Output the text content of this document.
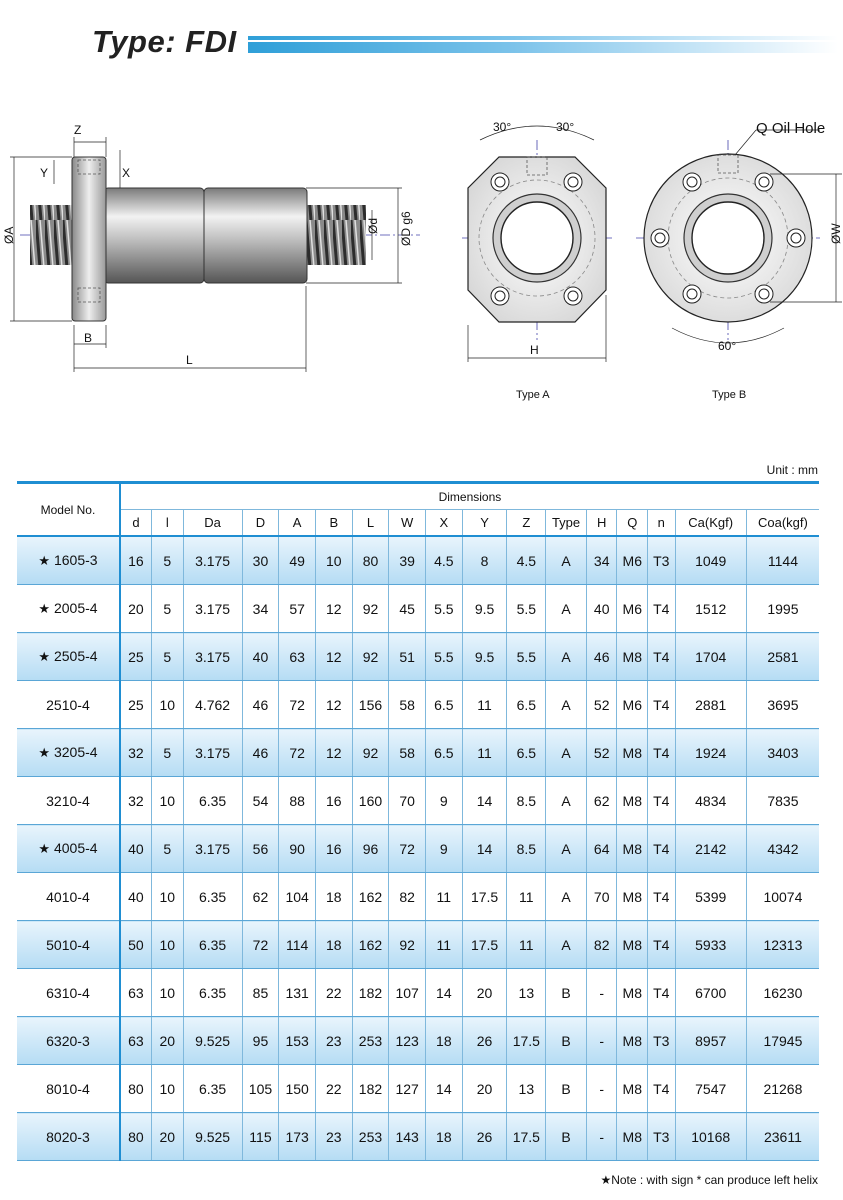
Type: FDI
ØA
Z
Y	X
B
L
Ød ØD g6
30°	30°
H
Type A
Q Oil Hole
ØW
60°
Type B
Unit : mm
Model No.	Dimensions																
	d	l	Da	D	A	B	L	W	X	Y	Z	Type	H	Q	n	Ca(Kgf)	Coa(kgf)
★ 1605-3	16	5	3.175	30	49	10	80	39	4.5	8	4.5	A	34	M6	T3	1049	1144
★ 2005-4	20	5	3.175	34	57	12	92	45	5.5	9.5	5.5	A	40	M6	T4	1512	1995
★ 2505-4	25	5	3.175	40	63	12	92	51	5.5	9.5	5.5	A	46	M8	T4	1704	2581
2510-4	25	10	4.762	46	72	12	156	58	6.5	11	6.5	A	52	M6	T4	2881	3695
★ 3205-4	32	5	3.175	46	72	12	92	58	6.5	11	6.5	A	52	M8	T4	1924	3403
3210-4	32	10	6.35	54	88	16	160	70	9	14	8.5	A	62	M8	T4	4834	7835
★ 4005-4	40	5	3.175	56	90	16	96	72	9	14	8.5	A	64	M8	T4	2142	4342
4010-4	40	10	6.35	62	104	18	162	82	11	17.5	11	A	70	M8	T4	5399	10074
5010-4	50	10	6.35	72	114	18	162	92	11	17.5	11	A	82	M8	T4	5933	12313
6310-4	63	10	6.35	85	131	22	182	107	14	20	13	B	-	M8	T4	6700	16230
6320-3	63	20	9.525	95	153	23	253	123	18	26	17.5	B	-	M8	T3	8957	17945
8010-4	80	10	6.35	105	150	22	182	127	14	20	13	B	-	M8	T4	7547	21268
8020-3	80	20	9.525	115	173	23	253	143	18	26	17.5	B	-	M8	T3	10168	23611
★Note : with sign * can produce left helix
